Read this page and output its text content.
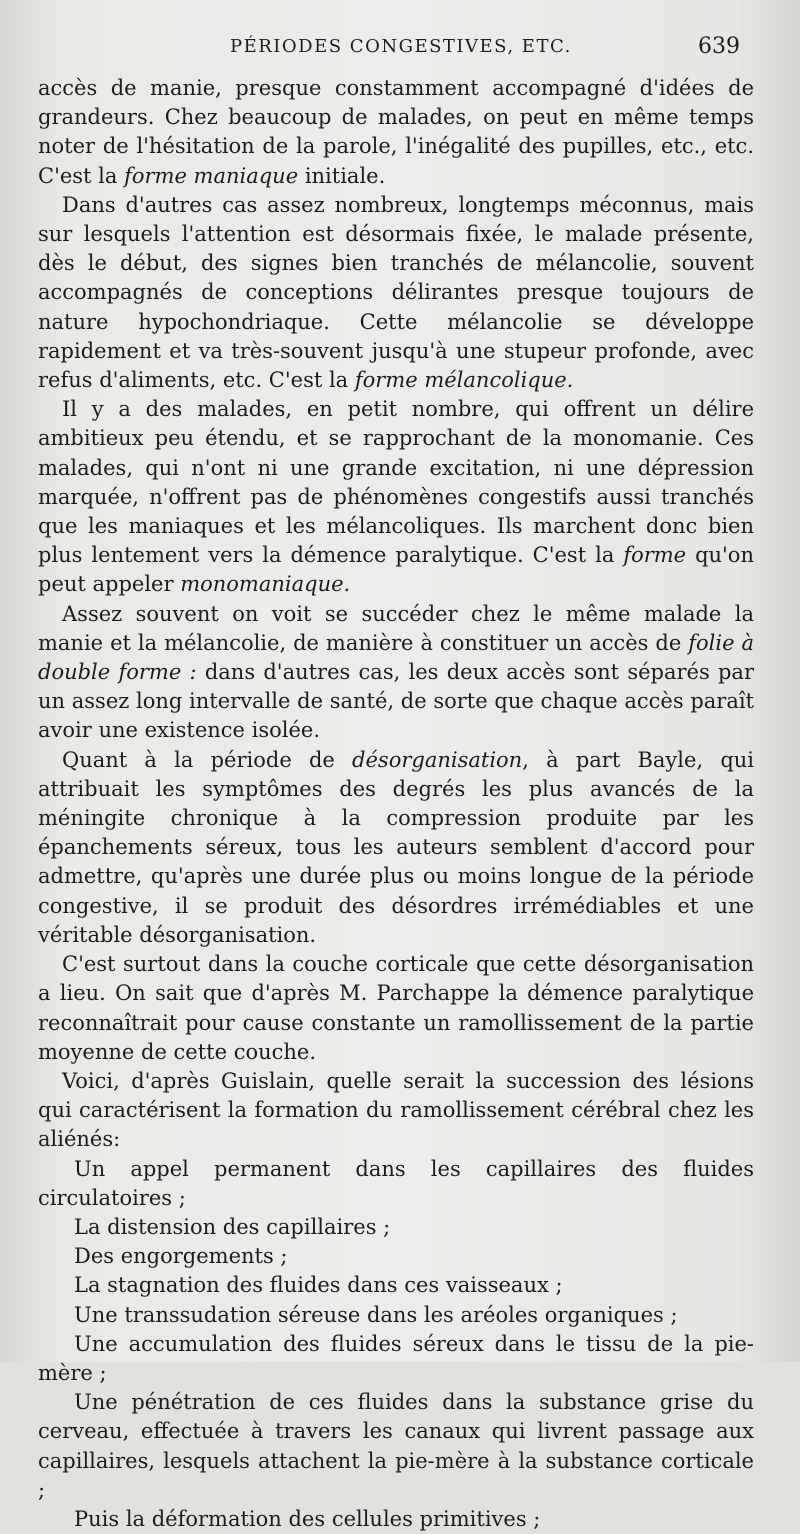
PÉRIODES CONGESTIVES, ETC.	639

accès de manie, presque constamment accompagné d'idées de grandeurs. Chez beaucoup de malades, on peut en même temps noter de l'hésitation de la parole, l'inégalité des pupilles, etc., etc. C'est la forme maniaque initiale.

Dans d'autres cas assez nombreux, longtemps méconnus, mais sur lesquels l'attention est désormais fixée, le malade présente, dès le début, des signes bien tranchés de mélancolie, souvent accompagnés de conceptions délirantes presque toujours de nature hypochondriaque. Cette mélancolie se développe rapidement et va très-souvent jusqu'à une stupeur profonde, avec refus d'aliments, etc. C'est la forme mélancolique.

Il y a des malades, en petit nombre, qui offrent un délire ambitieux peu étendu, et se rapprochant de la monomanie. Ces malades, qui n'ont ni une grande excitation, ni une dépression marquée, n'offrent pas de phénomènes congestifs aussi tranchés que les maniaques et les mélancoliques. Ils marchent donc bien plus lentement vers la démence paralytique. C'est la forme qu'on peut appeler monomaniaque.

Assez souvent on voit se succéder chez le même malade la manie et la mélancolie, de manière à constituer un accès de folie à double forme : dans d'autres cas, les deux accès sont séparés par un assez long intervalle de santé, de sorte que chaque accès paraît avoir une existence isolée.

Quant à la période de désorganisation, à part Bayle, qui attribuait les symptômes des degrés les plus avancés de la méningite chronique à la compression produite par les épanchements séreux, tous les auteurs semblent d'accord pour admettre, qu'après une durée plus ou moins longue de la période congestive, il se produit des désordres irrémédiables et une véritable désorganisation.

C'est surtout dans la couche corticale que cette désorganisation a lieu. On sait que d'après M. Parchappe la démence paralytique reconnaîtrait pour cause constante un ramollissement de la partie moyenne de cette couche.

Voici, d'après Guislain, quelle serait la succession des lésions qui caractérisent la formation du ramollissement cérébral chez les aliénés:

Un appel permanent dans les capillaires des fluides circulatoires ;

La distension des capillaires ;

Des engorgements ;

La stagnation des fluides dans ces vaisseaux ;

Une transsudation séreuse dans les aréoles organiques ;

Une accumulation des fluides séreux dans le tissu de la pie-mère ;

Une pénétration de ces fluides dans la substance grise du cerveau, effectuée à travers les canaux qui livrent passage aux capillaires, lesquels attachent la pie-mère à la substance corticale ;

Puis la déformation des cellules primitives ;
